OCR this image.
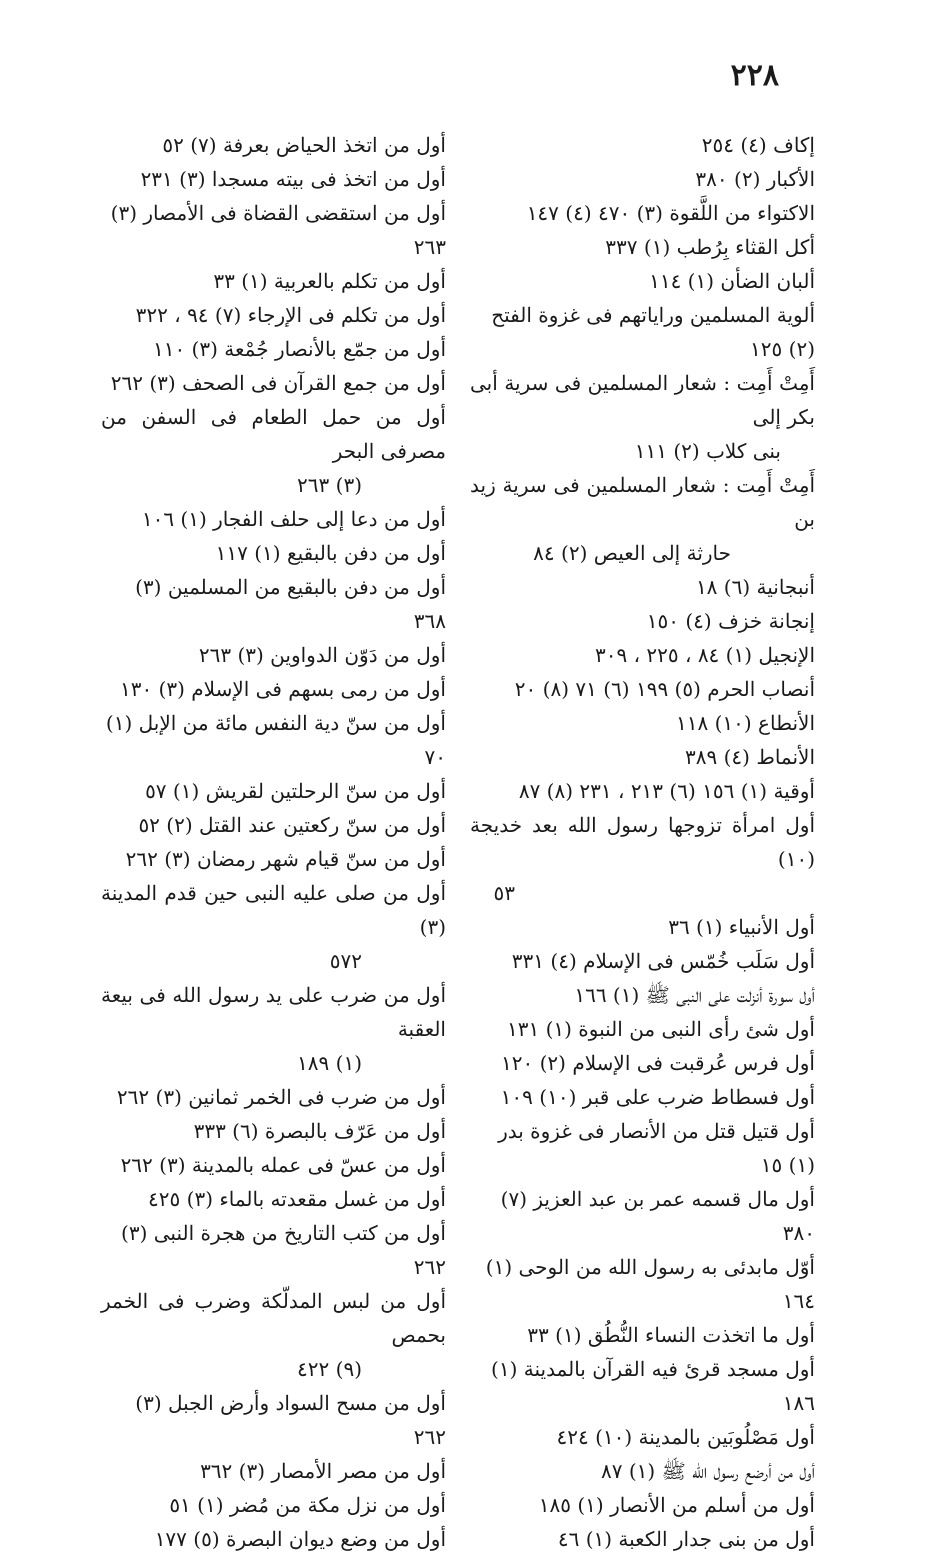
٢٢٨
إكاف (٤) ٢٥٤
الأكبار (٢) ٣٨٠
الاكتواء من اللَّقوة (٣) ٤٧٠ (٤) ١٤٧
أكل القثاء بِرُطب (١) ٣٣٧
ألبان الضأن (١) ١١٤
ألوية المسلمين وراياتهم فى غزوة الفتح (٢) ١٢٥
أَمِتْ أَمِت : شعار المسلمين فى سرية أبى بكر إلى
بنى كلاب (٢) ١١١
أَمِتْ أَمِت : شعار المسلمين فى سرية زيد بن
حارثة إلى العيص (٢) ٨٤
أنبجانية (٦) ١٨
إنجانة خزف (٤) ١٥٠
الإنجيل (١) ٨٤ ، ٢٢٥ ، ٣٠٩
أنصاب الحرم (٥) ١٩٩ (٦) ٧١ (٨) ٢٠
الأنطاع (١٠) ١١٨
الأنماط (٤) ٣٨٩
أوقية (١) ١٥٦ (٦) ٢١٣ ، ٢٣١ (٨) ٨٧
أول امرأة تزوجها رسول الله بعد خديجة (١٠)
٥٣
أول الأنبياء (١) ٣٦
أول سَلَب خُمّس فى الإسلام (٤) ٣٣١
أول سورة أنزلت على النبى ﷺ (١) ١٦٦
أول شئ رأى النبى من النبوة (١) ١٣١
أول فرس عُرقبت فى الإسلام (٢) ١٢٠
أول فسطاط ضرب على قبر (١٠) ١٠٩
أول قتيل قتل من الأنصار فى غزوة بدر (١) ١٥
أول مال قسمه عمر بن عبد العزيز (٧) ٣٨٠
أوّل مابدئى به رسول الله من الوحى (١) ١٦٤
أول ما اتخذت النساء النُّطُق (١) ٣٣
أول مسجد قرئ فيه القرآن بالمدينة (١) ١٨٦
أول مَصْلُوبَين بالمدينة (١٠) ٤٢٤
أول من أرضع رسول الله ﷺ (١) ٨٧
أول من أسلم من الأنصار (١) ١٨٥
أول من بنى جدار الكعبة (١) ٤٦
أول من اتخذ الحياض بعرفة (٧) ٥٢
أول من اتخذ فى بيته مسجدا (٣) ٢٣١
أول من استقضى القضاة فى الأمصار (٣) ٢٦٣
أول من تكلم بالعربية (١) ٣٣
أول من تكلم فى الإرجاء (٧) ٩٤ ، ٣٢٢
أول من جمّع بالأنصار جُمْعة (٣) ١١٠
أول من جمع القرآن فى الصحف (٣) ٢٦٢
أول من حمل الطعام فى السفن من مصرفى البحر
(٣) ٢٦٣
أول من دعا إلى حلف الفجار (١) ١٠٦
أول من دفن بالبقيع (١) ١١٧
أول من دفن بالبقيع من المسلمين (٣) ٣٦٨
أول من دَوّن الدواوين (٣) ٢٦٣
أول من رمى بسهم فى الإسلام (٣) ١٣٠
أول من سنّ دية النفس مائة من الإبل (١) ٧٠
أول من سنّ الرحلتين لقريش (١) ٥٧
أول من سنّ ركعتين عند القتل (٢) ٥٢
أول من سنّ قيام شهر رمضان (٣) ٢٦٢
أول من صلى عليه النبى حين قدم المدينة (٣)
٥٧٢
أول من ضرب على يد رسول الله فى بيعة العقبة
(١) ١٨٩
أول من ضرب فى الخمر ثمانين (٣) ٢٦٢
أول من عَرّف بالبصرة (٦) ٣٣٣
أول من عسّ فى عمله بالمدينة (٣) ٢٦٢
أول من غسل مقعدته بالماء (٣) ٤٢٥
أول من كتب التاريخ من هجرة النبى (٣) ٢٦٢
أول من لبس المدلّكة وضرب فى الخمر بحمص
(٩) ٤٢٢
أول من مسح السواد وأرض الجبل (٣) ٢٦٢
أول من مصر الأمصار (٣) ٣٦٢
أول من نزل مكة من مُضر (١) ٥١
أول من وضع ديوان البصرة (٥) ١٧٧
